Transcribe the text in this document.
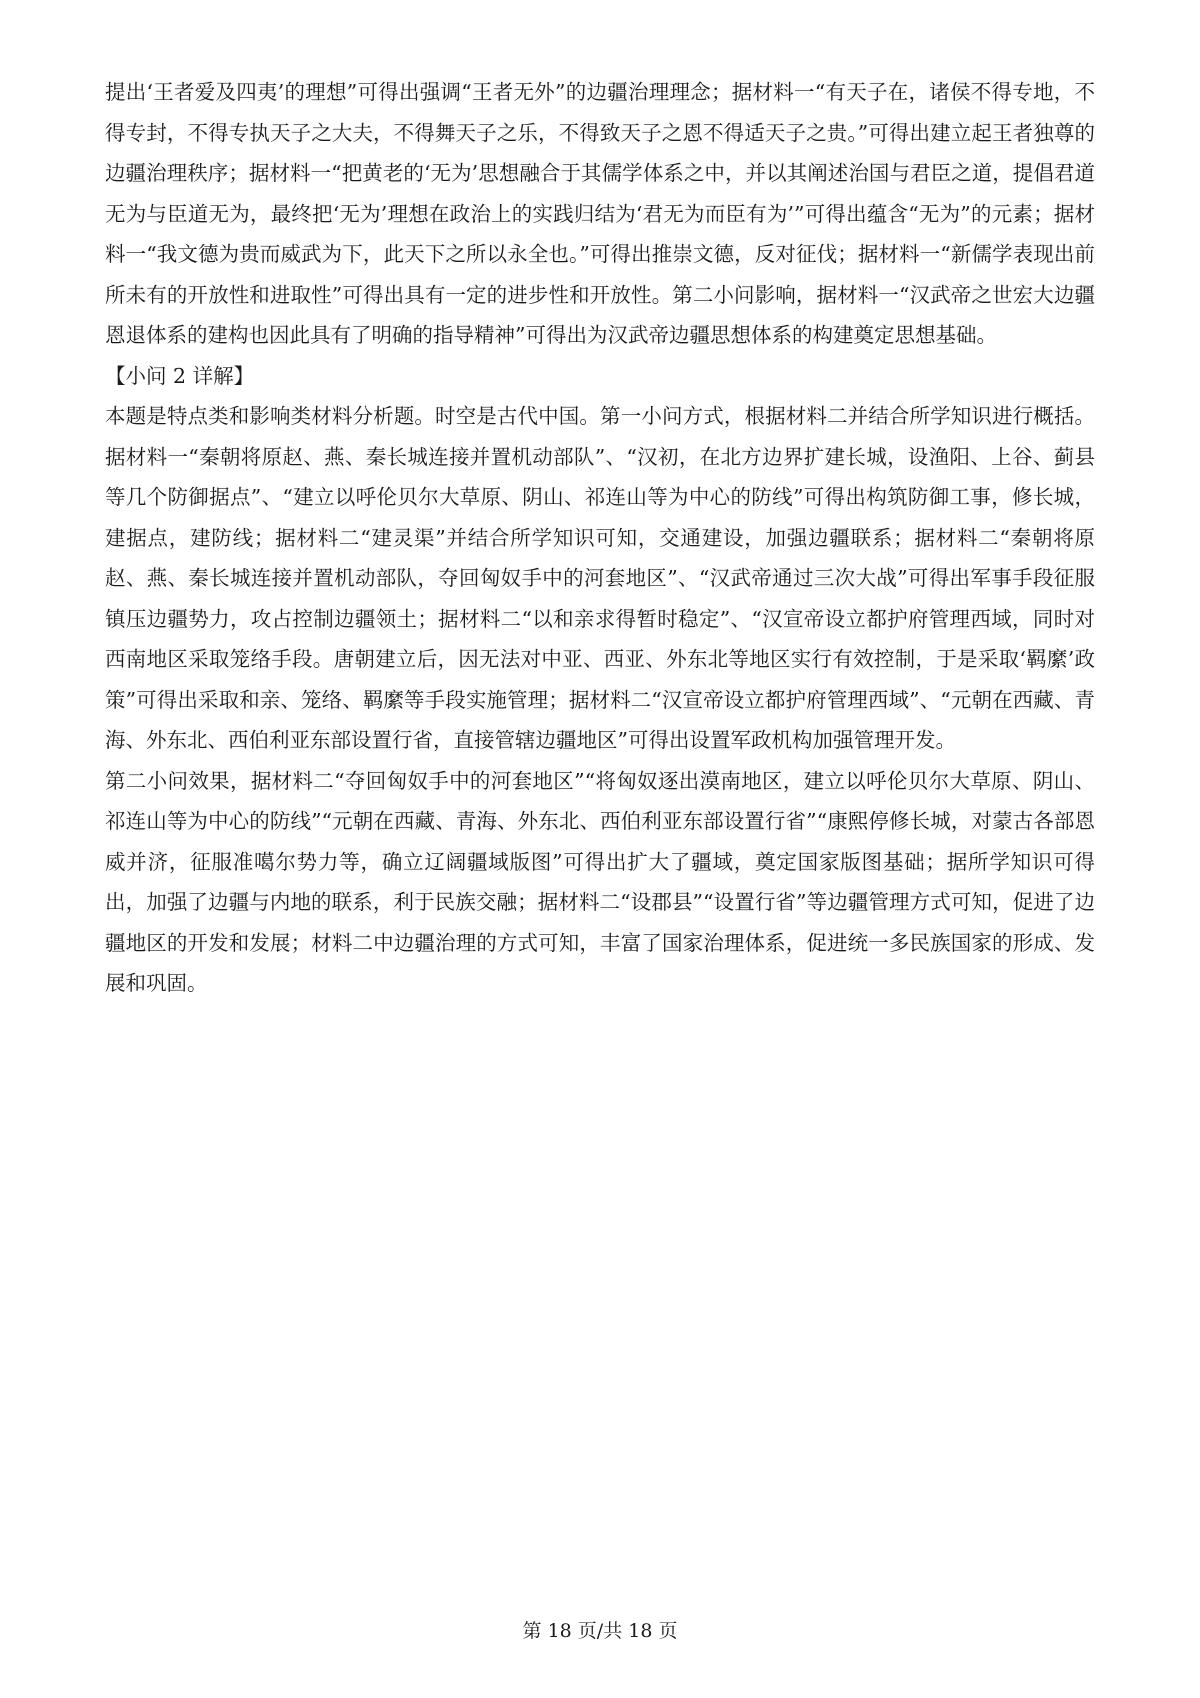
提出‘王者爱及四夷’的理想”可得出强调“王者无外”的边疆治理理念；据材料一“有天子在，诸侯不得专地，不得专封，不得专执天子之大夫，不得舞天子之乐，不得致天子之恩不得适天子之贵。”可得出建立起王者独尊的边疆治理秩序；据材料一“把黄老的‘无为’思想融合于其儒学体系之中，并以其阐述治国与君臣之道，提倡君道无为与臣道无为，最终把‘无为’理想在政治上的实践归结为‘君无为而臣有为’”可得出蕴含“无为”的元素；据材料一“我文德为贵而威武为下，此天下之所以永全也。”可得出推崇文德，反对征伐；据材料一“新儒学表现出前所未有的开放性和进取性”可得出具有一定的进步性和开放性。第二小问影响，据材料一“汉武帝之世宏大边疆恩退体系的建构也因此具有了明确的指导精神”可得出为汉武帝边疆思想体系的构建奠定思想基础。

【小问 2 详解】

本题是特点类和影响类材料分析题。时空是古代中国。第一小问方式，根据材料二并结合所学知识进行概括。据材料一“秦朝将原赵、燕、秦长城连接并置机动部队”、“汉初，在北方边界扩建长城，设渔阳、上谷、蓟县等几个防御据点”、“建立以呼伦贝尔大草原、阴山、祁连山等为中心的防线”可得出构筑防御工事，修长城，建据点，建防线；据材料二“建灵渠”并结合所学知识可知，交通建设，加强边疆联系；据材料二“秦朝将原赵、燕、秦长城连接并置机动部队，夺回匈奴手中的河套地区”、“汉武帝通过三次大战”可得出军事手段征服镇压边疆势力，攻占控制边疆领土；据材料二“以和亲求得暂时稳定”、“汉宣帝设立都护府管理西域，同时对西南地区采取笼络手段。唐朝建立后，因无法对中亚、西亚、外东北等地区实行有效控制，于是采取‘羁縻’政策”可得出采取和亲、笼络、羁縻等手段实施管理；据材料二“汉宣帝设立都护府管理西域”、“元朝在西藏、青海、外东北、西伯利亚东部设置行省，直接管辖边疆地区”可得出设置军政机构加强管理开发。

第二小问效果，据材料二“夺回匈奴手中的河套地区”“将匈奴逐出漠南地区，建立以呼伦贝尔大草原、阴山、祁连山等为中心的防线”“元朝在西藏、青海、外东北、西伯利亚东部设置行省”“康熙停修长城，对蒙古各部恩威并济，征服准噶尔势力等，确立辽阔疆域版图”可得出扩大了疆域，奠定国家版图基础；据所学知识可得出，加强了边疆与内地的联系，利于民族交融；据材料二“设郡县”“设置行省”等边疆管理方式可知，促进了边疆地区的开发和发展；材料二中边疆治理的方式可知，丰富了国家治理体系，促进统一多民族国家的形成、发展和巩固。

第 18 页/共 18 页
